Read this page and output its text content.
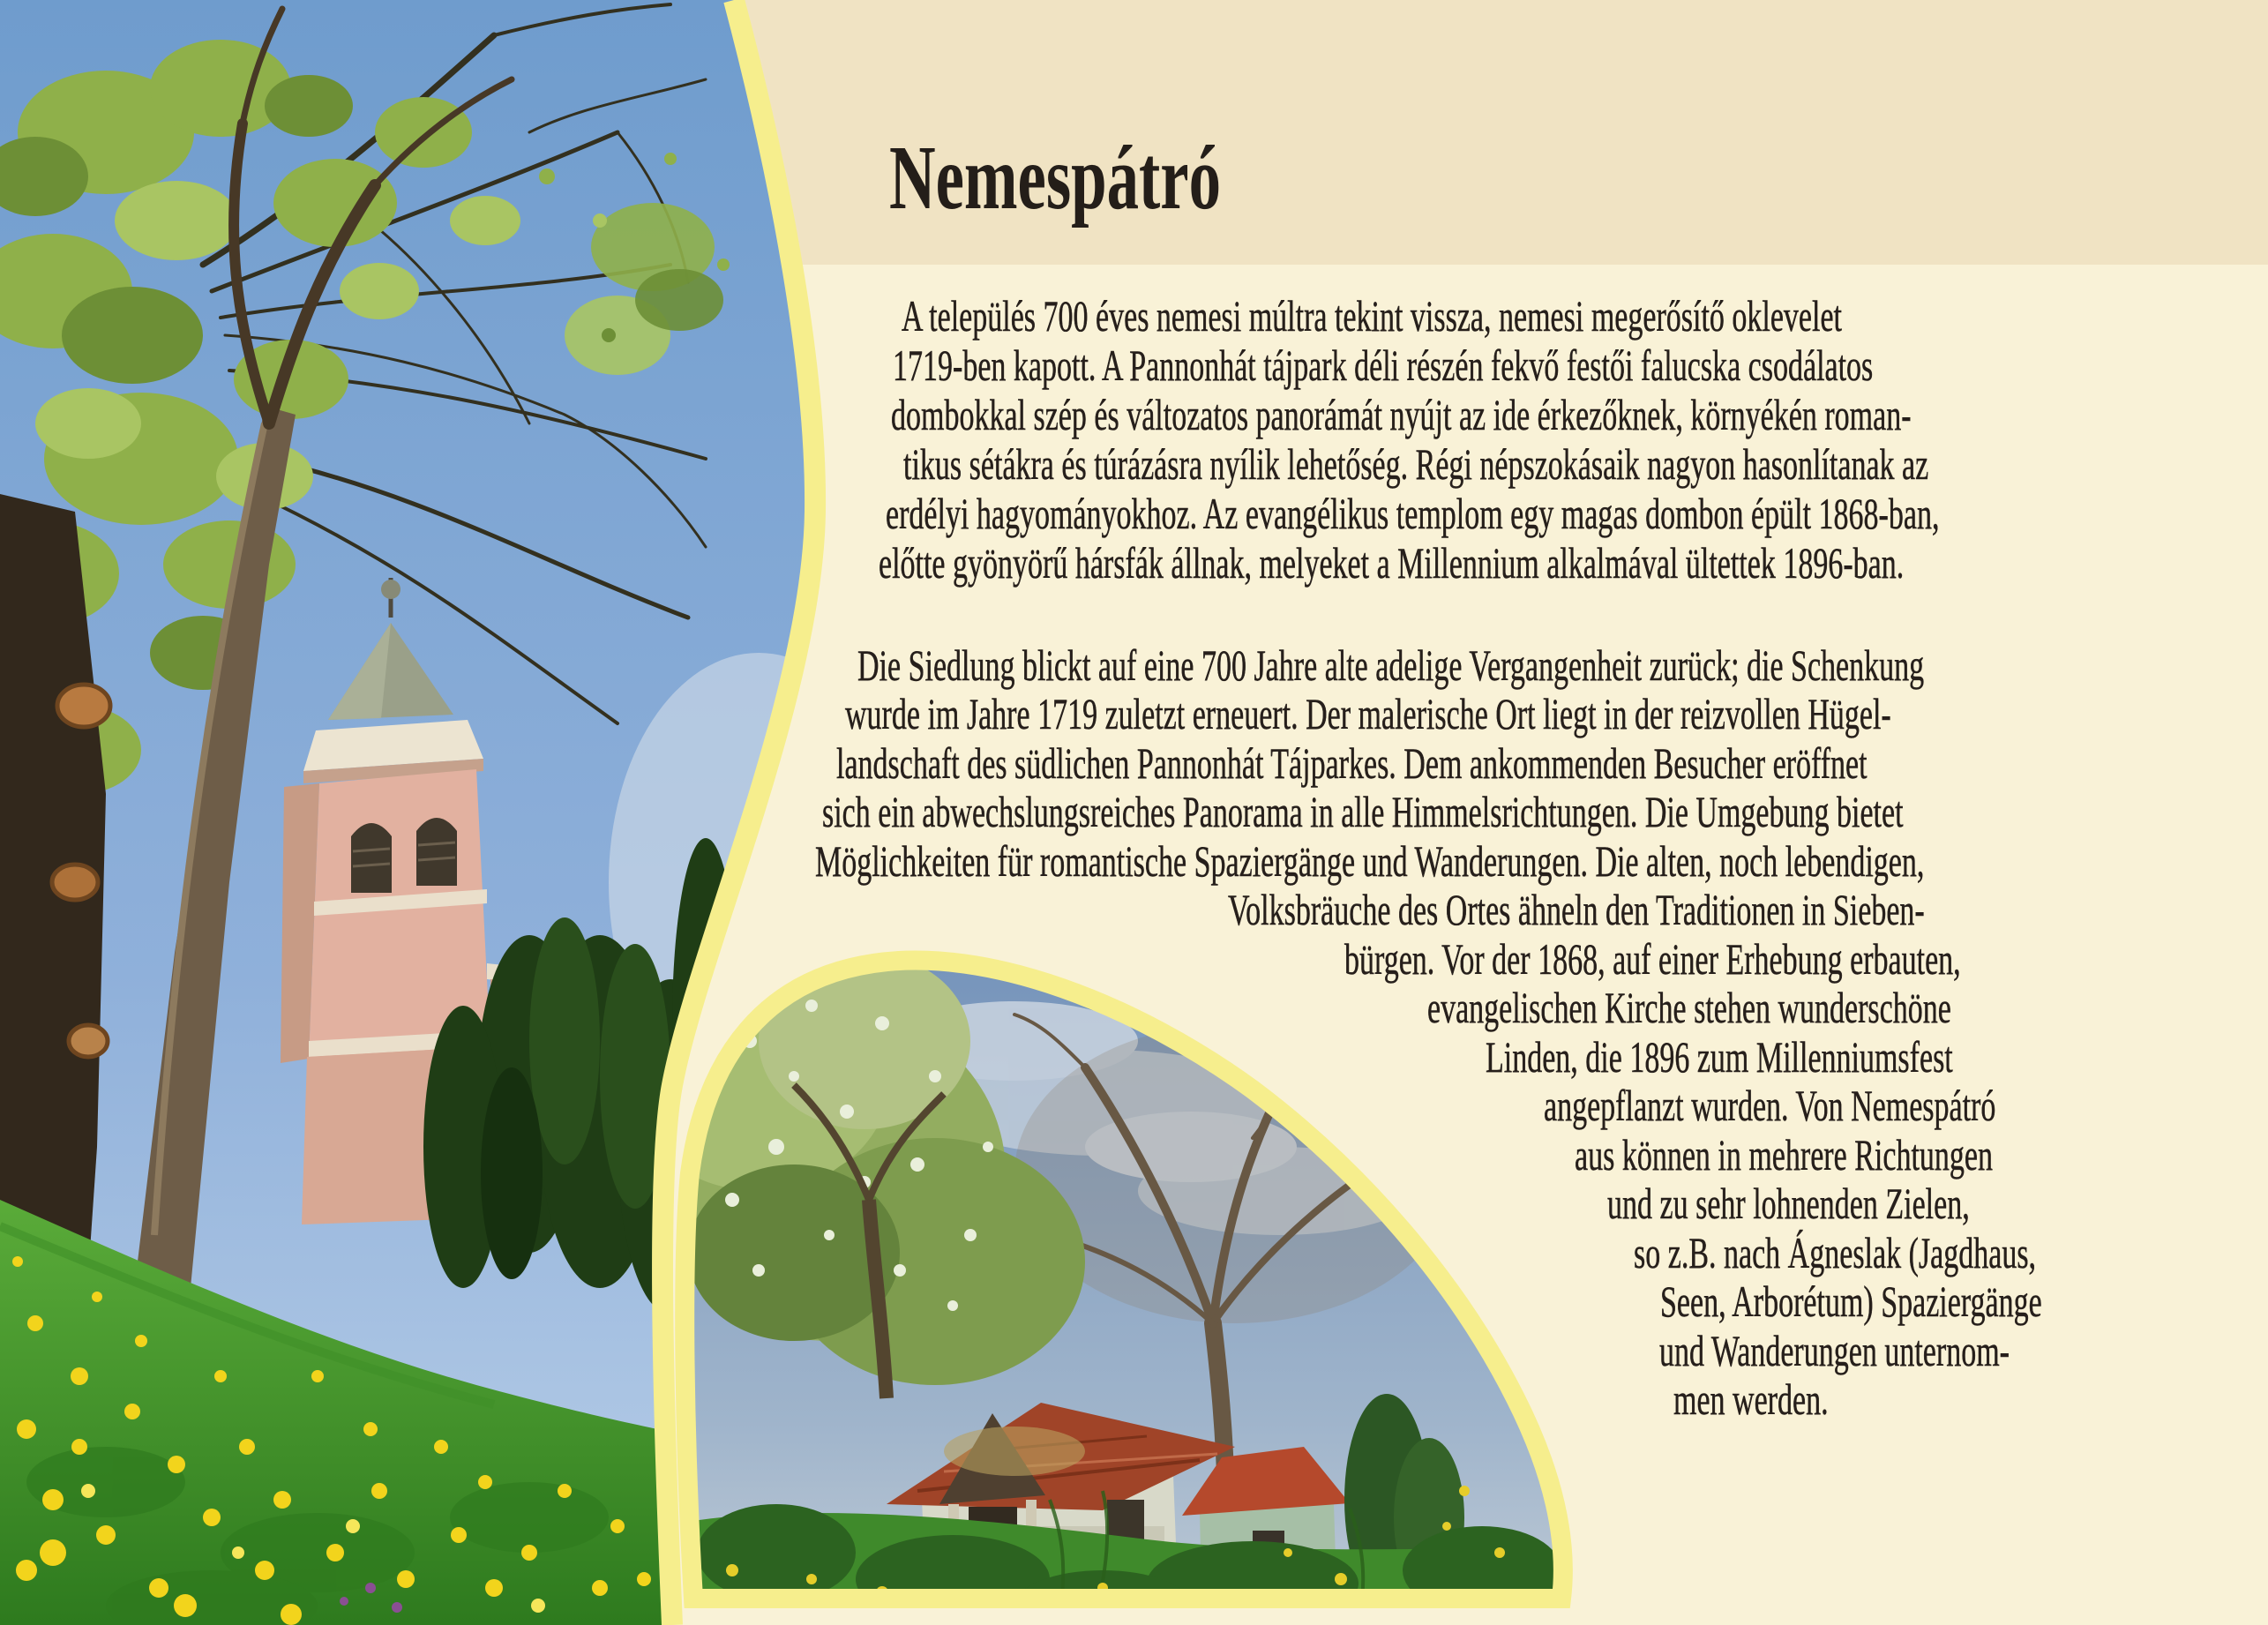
Nemespátró
A település 700 éves nemesi múltra tekint vissza, nemesi megerősítő oklevelet
1719-ben kapott. A Pannonhát tájpark déli részén fekvő festői falucska csodálatos
dombokkal szép és változatos panorámát nyújt az ide érkezőknek, környékén roman-
tikus sétákra és túrázásra nyílik lehetőség. Régi népszokásaik nagyon hasonlítanak az
erdélyi hagyományokhoz. Az evangélikus templom egy magas dombon épült 1868-ban,
előtte gyönyörű hársfák állnak, melyeket a Millennium alkalmával ültettek 1896-ban.
Die Siedlung blickt auf eine 700 Jahre alte adelige Vergangenheit zurück; die Schenkung
wurde im Jahre 1719 zuletzt erneuert. Der malerische Ort liegt in der reizvollen Hügel-
landschaft des südlichen Pannonhát Tájparkes. Dem ankommenden Besucher eröffnet
sich ein abwechslungsreiches Panorama in alle Himmelsrichtungen. Die Umgebung bietet
Möglichkeiten für romantische Spaziergänge und Wanderungen. Die alten, noch lebendigen,
Volksbräuche des Ortes ähneln den Traditionen in Sieben-
bürgen. Vor der 1868, auf einer Erhebung erbauten,
evangelischen Kirche stehen wunderschöne
Linden, die 1896 zum Millenniumsfest
angepflanzt wurden. Von Nemespátró
aus können in mehrere Richtungen
und zu sehr lohnenden Zielen,
so z.B. nach Ágneslak (Jagdhaus,
Seen, Arborétum) Spaziergänge
und Wanderungen unternom-
men werden.
